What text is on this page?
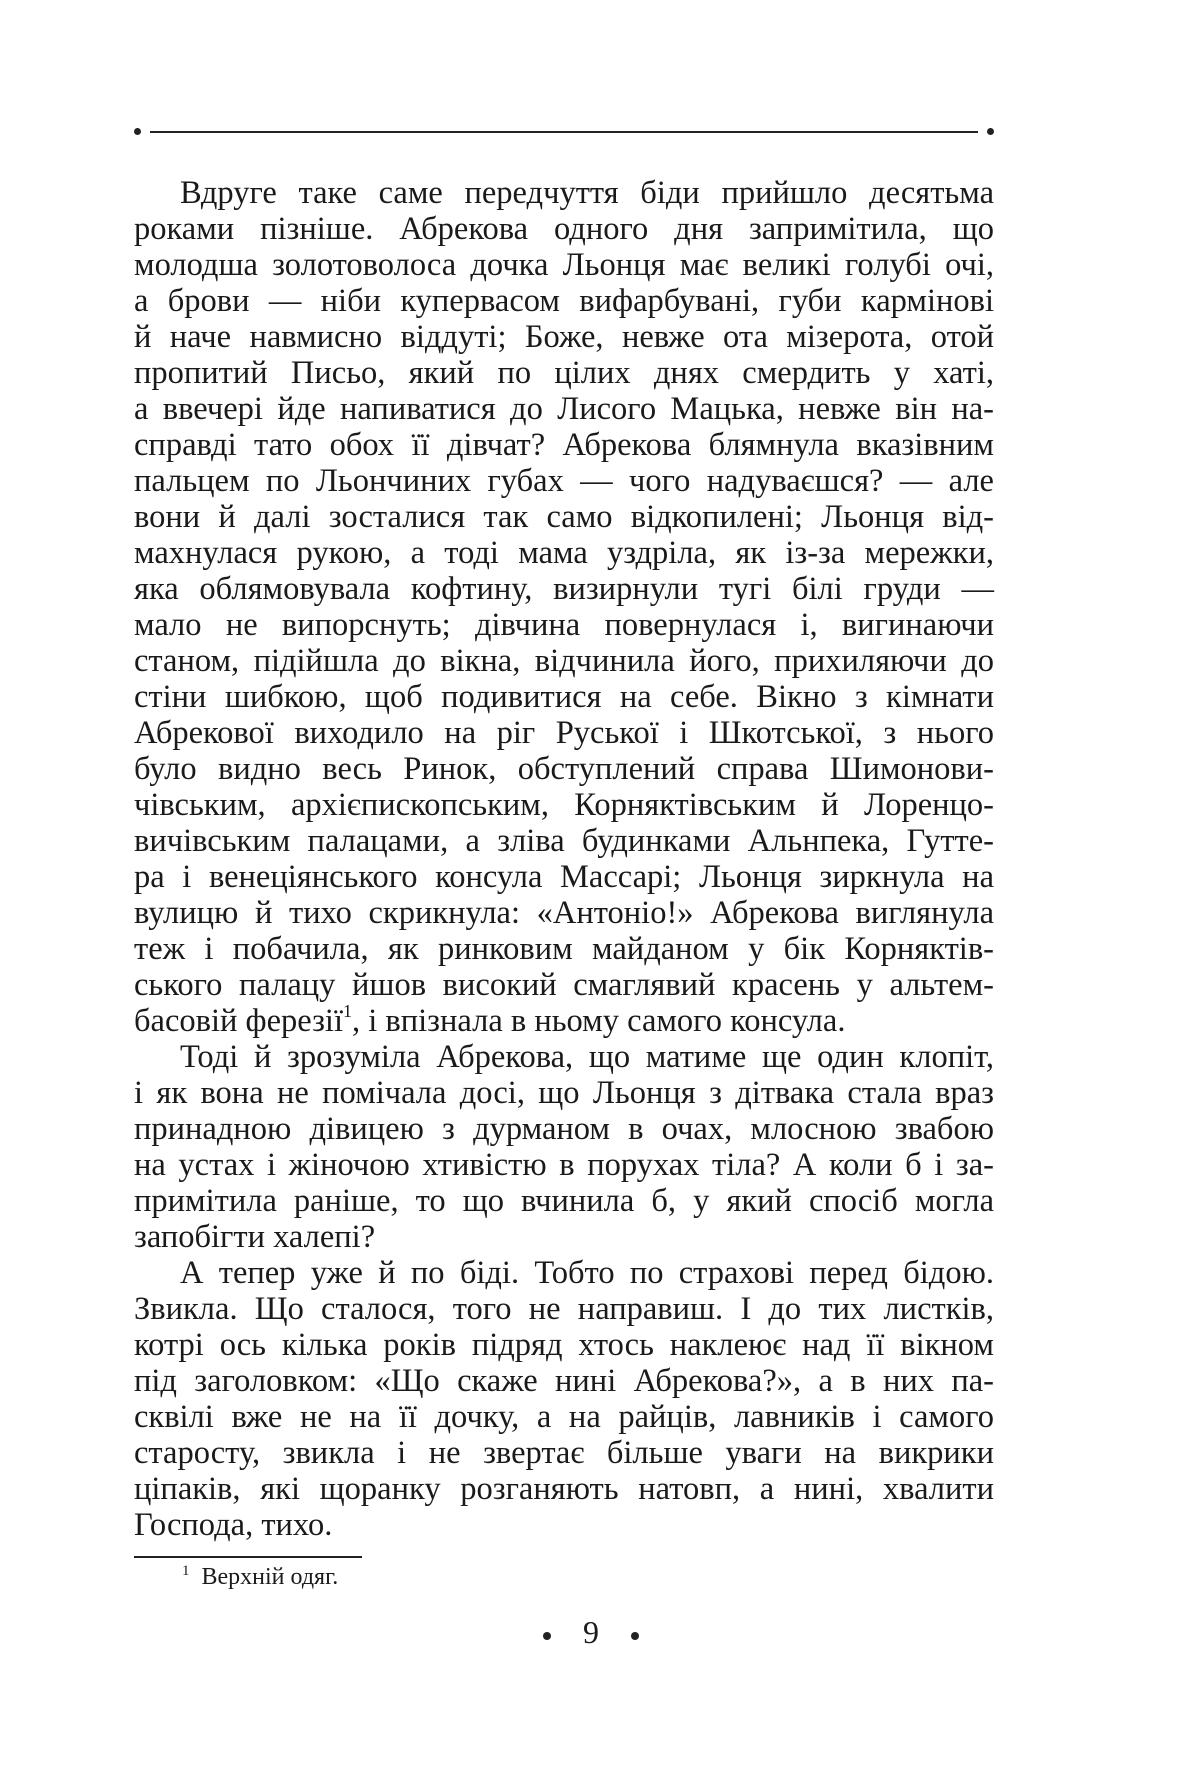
Вдруге таке саме передчуття біди прийшло десятьма
роками пізніше. Абрекова одного дня запримітила, що
молодша золотоволоса дочка Льонця має великі голубі очі,
а брови — ніби купервасом вифарбувані, губи кармінові
й наче навмисно віддуті; Боже, невже ота мізерота, отой
пропитий Письо, який по цілих днях смердить у хаті,
а ввечері йде напиватися до Лисого Мацька, невже він на-
справді тато обох її дівчат? Абрекова блямнула вказівним
пальцем по Льончиних губах — чого надуваєшся? — але
вони й далі зосталися так само відкопилені; Льонця від-
махнулася рукою, а тоді мама уздріла, як із-за мережки,
яка облямовувала кофтину, визирнули тугі білі груди —
мало не випорснуть; дівчина повернулася і, вигинаючи
станом, підійшла до вікна, відчинила його, прихиляючи до
стіни шибкою, щоб подивитися на себе. Вікно з кімнати
Абрекової виходило на ріг Руської і Шкотської, з нього
було видно весь Ринок, обступлений справа Шимонови-
чівським, архієпископським, Корняктівським й Лоренцо-
вичівським палацами, а зліва будинками Альнпека, Гутте-
ра і венеціянського консула Массарі; Льонця зиркнула на
вулицю й тихо скрикнула: «Антоніо!» Абрекова виглянула
теж і побачила, як ринковим майданом у бік Корняктів-
ського палацу йшов високий смаглявий красень у альтем-
басовій ферезії$^1$, і впізнала в ньому самого консула.
Тоді й зрозуміла Абрекова, що матиме ще один клопіт,
і як вона не помічала досі, що Льонця з дітвака стала враз
принадною дівицею з дурманом в очах, млосною звабою
на устах і жіночою хтивістю в порухах тіла? А коли б і за-
примітила раніше, то що вчинила б, у який спосіб могла
запобігти халепі?
А тепер уже й по біді. Тобто по страхові перед бідою.
Звикла. Що сталося, того не направиш. І до тих листків,
котрі ось кілька років підряд хтось наклеює над її вікном
під заголовком: «Що скаже нині Абрекова?», а в них па-
сквілі вже не на її дочку, а на райців, лавників і самого
старосту, звикла і не звертає більше уваги на викрики
ціпаків, які щоранку розганяють натовп, а нині, хвалити
Господа, тихо.
$^1$ Верхній одяг.
9
